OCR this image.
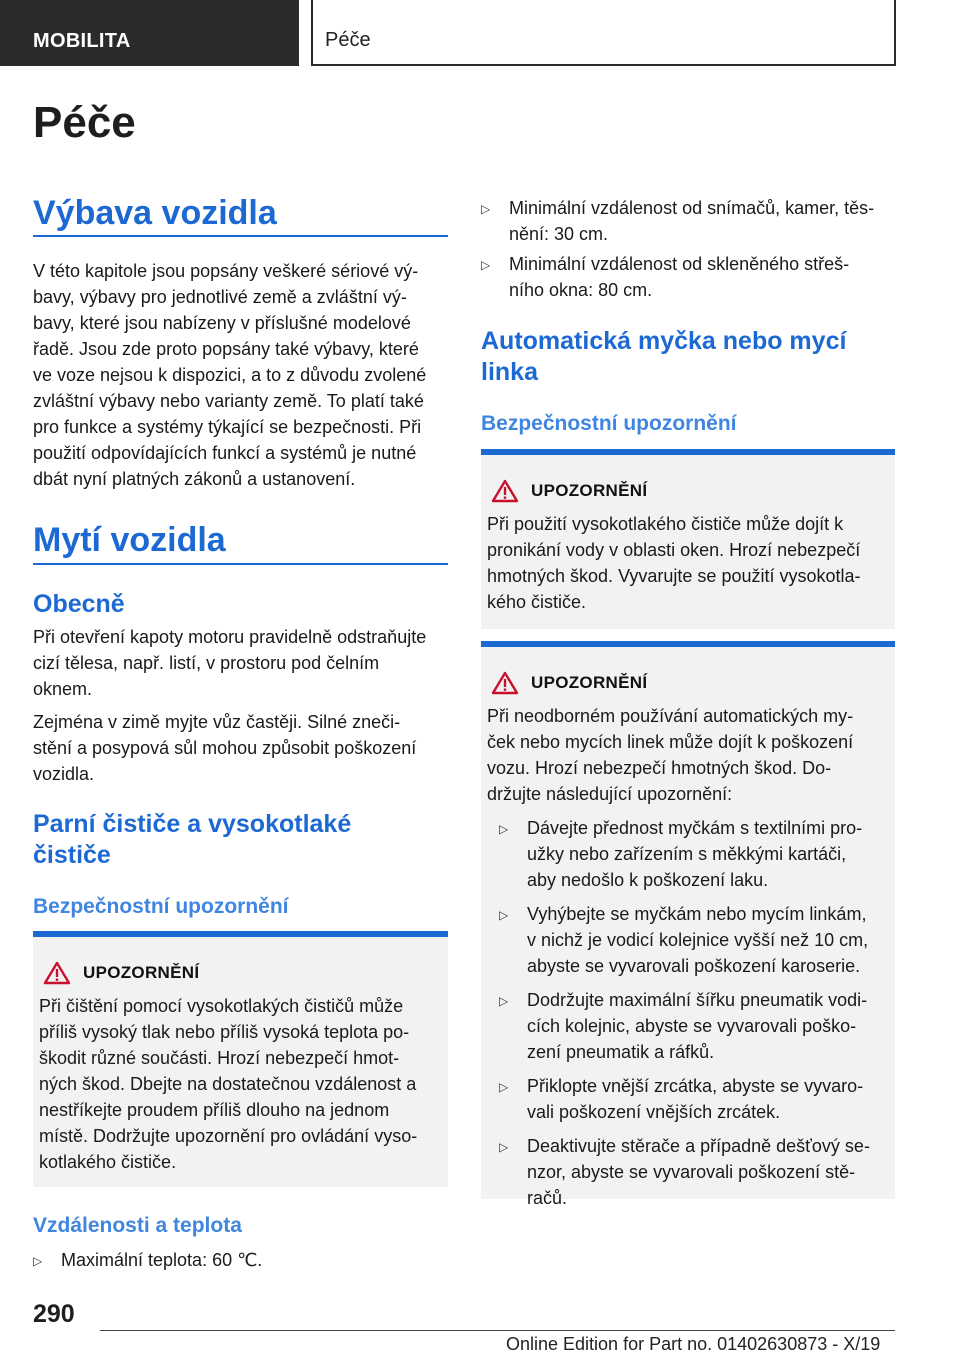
MOBILITA	Péče
Péče
Výbava vozidla
V této kapitole jsou popsány veškeré sériové vý‐
bavy, výbavy pro jednotlivé země a zvláštní vý‐
bavy, které jsou nabízeny v příslušné modelové
řadě. Jsou zde proto popsány také výbavy, které
ve voze nejsou k dispozici, a to z důvodu zvolené
zvláštní výbavy nebo varianty země. To platí také
pro funkce a systémy týkající se bezpečnosti. Při
použití odpovídajících funkcí a systémů je nutné
dbát nyní platných zákonů a ustanovení.
Mytí vozidla
Obecně
Při otevření kapoty motoru pravidelně odstraňujte
cizí tělesa, např. listí, v prostoru pod čelním
oknem.
Zejména v zimě myjte vůz častěji. Silné zneči‐
stění a posypová sůl mohou způsobit poškození
vozidla.
Parní čističe a vysokotlaké
čističe
Bezpečnostní upozornění
UPOZORNĚNÍ
Při čištění pomocí vysokotlakých čističů může
příliš vysoký tlak nebo příliš vysoká teplota po‐
škodit různé součásti. Hrozí nebezpečí hmot‐
ných škod. Dbejte na dostatečnou vzdálenost a
nestříkejte proudem příliš dlouho na jednom
místě. Dodržujte upozornění pro ovládání vyso‐
kotlakého čističe.
Vzdálenosti a teplota
▷	Maximální teplota: 60 ℃.
▷	Minimální vzdálenost od snímačů, kamer, těs‐
nění: 30 cm.
▷	Minimální vzdálenost od skleněného střeš‐
ního okna: 80 cm.
Automatická myčka nebo mycí
linka
Bezpečnostní upozornění
UPOZORNĚNÍ
Při použití vysokotlakého čističe může dojít k
pronikání vody v oblasti oken. Hrozí nebezpečí
hmotných škod. Vyvarujte se použití vysokotla‐
kého čističe.
UPOZORNĚNÍ
Při neodborném používání automatických my‐
ček nebo mycích linek může dojít k poškození
vozu. Hrozí nebezpečí hmotných škod. Do‐
držujte následující upozornění:
▷	Dávejte přednost myčkám s textilními pro‐
užky nebo zařízením s měkkými kartáči,
aby nedošlo k poškození laku.
▷	Vyhýbejte se myčkám nebo mycím linkám,
v nichž je vodicí kolejnice vyšší než 10 cm,
abyste se vyvarovali poškození karoserie.
▷	Dodržujte maximální šířku pneumatik vodi‐
cích kolejnic, abyste se vyvarovali poško‐
zení pneumatik a ráfků.
▷	Přiklopte vnější zrcátka, abyste se vyvaro‐
vali poškození vnějších zrcátek.
▷	Deaktivujte stěrače a případně dešťový se‐
nzor, abyste se vyvarovali poškození stě‐
račů.
290
Online Edition for Part no. 01402630873 - X/19
